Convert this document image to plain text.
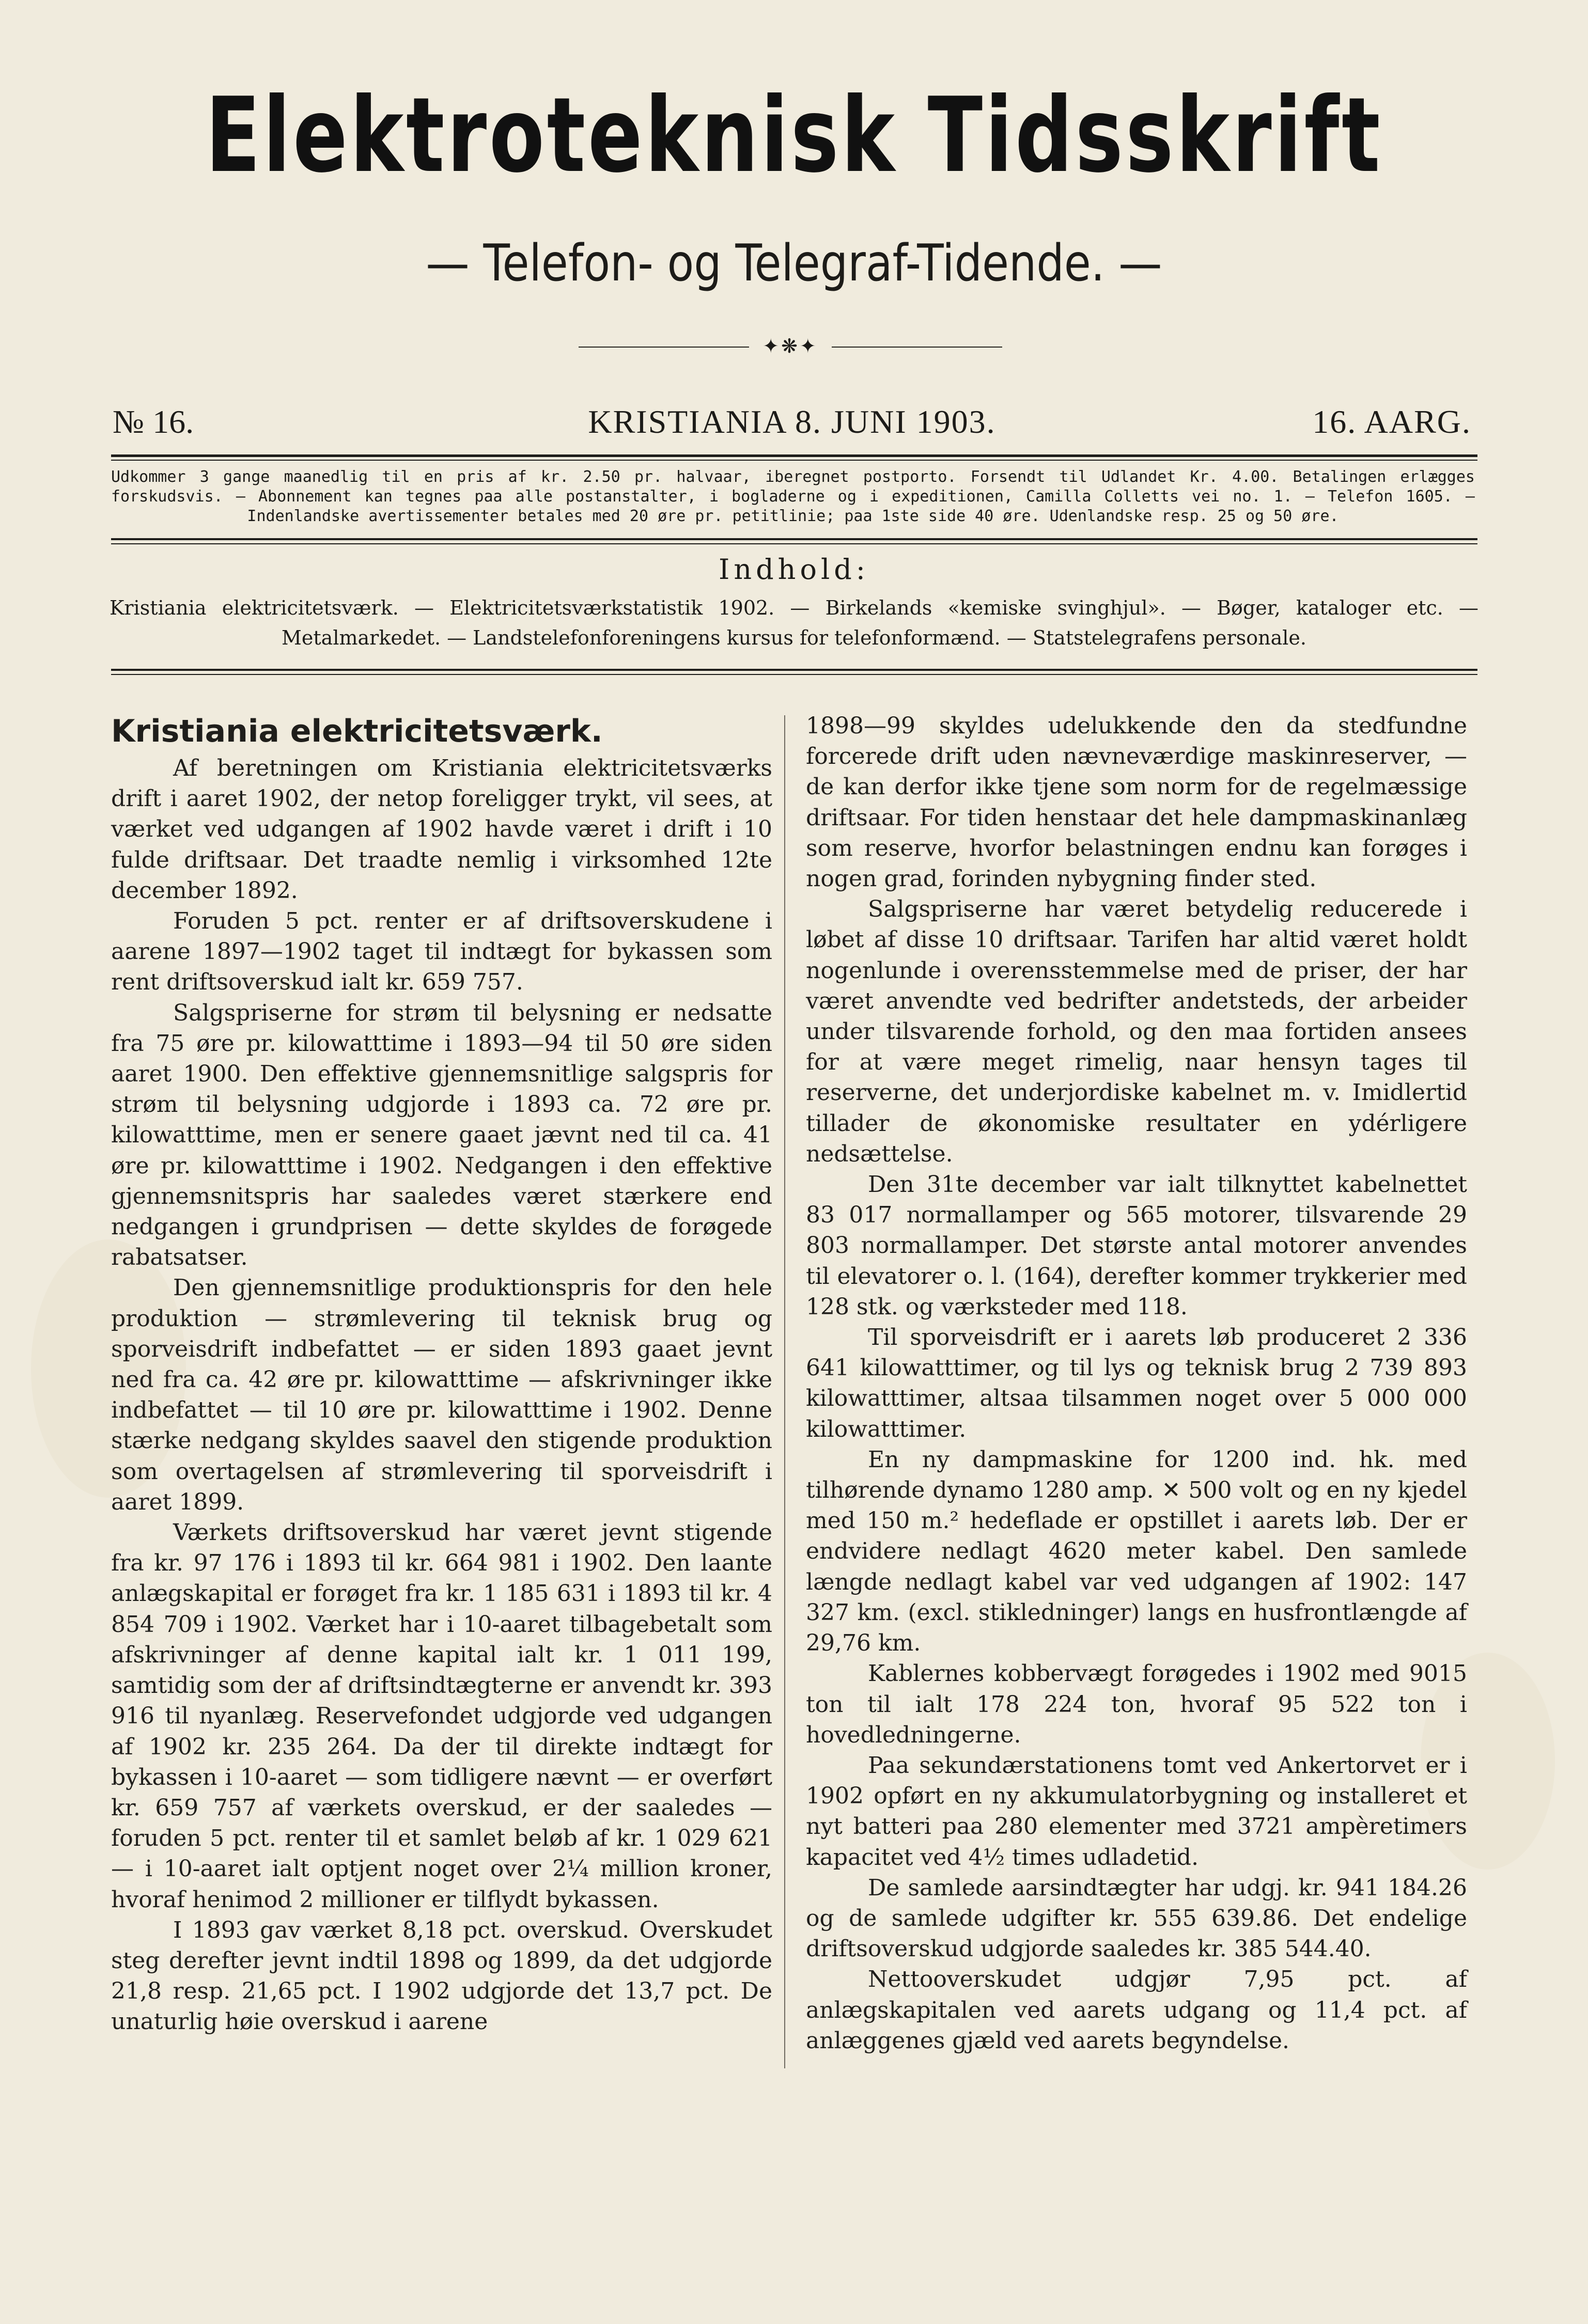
Elektroteknisk Tidsskrift
— Telefon- og Telegraf-Tidende. —
✦❋✦
KRISTIANIA 8. JUNI 1903.
№ 16.	16. AARG.

Udkommer 3 gange maanedlig til en pris af kr. 2.50 pr. halvaar, iberegnet postporto. Forsendt til Udlandet Kr. 4.00. Betalingen erlægges

forskudsvis. — Abonnement kan tegnes paa alle postanstalter, i bogladerne og i expeditionen, Camilla Colletts vei no. 1. — Telefon 1605. —

Indenlandske avertissementer betales med 20 øre pr. petitlinie; paa 1ste side 40 øre. Udenlandske resp. 25 og 50 øre.

Indhold:

Kristiania elektricitetsværk. — Elektricitetsværkstatistik 1902. — Birkelands «kemiske svinghjul». — Bøger, kataloger etc. —

Metalmarkedet. — Landstelefonforeningens kursus for telefonformænd. — Statstelegrafens personale.

Kristiania elektricitetsværk.

Af beretningen om Kristiania elektricitetsværks drift i aaret 1902, der netop foreligger trykt, vil sees, at værket ved udgangen af 1902 havde været i drift i 10 fulde driftsaar. Det traadte nemlig i virksomhed 12te december 1892.

Foruden 5 pct. renter er af driftsoverskudene i aarene 1897—1902 taget til indtægt for bykassen som rent driftsoverskud ialt kr. 659 757.

Salgspriserne for strøm til belysning er nedsatte fra 75 øre pr. kilowatttime i 1893—94 til 50 øre siden aaret 1900. Den effektive gjennemsnitlige salgspris for strøm til belysning udgjorde i 1893 ca. 72 øre pr. kilowatttime, men er senere gaaet jævnt ned til ca. 41 øre pr. kilowatttime i 1902. Nedgangen i den effektive gjennemsnitspris har saaledes været stærkere end nedgangen i grundprisen — dette skyldes de forøgede rabatsatser.

Den gjennemsnitlige produktionspris for den hele produktion — strømlevering til teknisk brug og sporveisdrift indbefattet — er siden 1893 gaaet jevnt ned fra ca. 42 øre pr. kilowatttime — afskrivninger ikke indbefattet — til 10 øre pr. kilowatttime i 1902. Denne stærke nedgang skyldes saavel den stigende produktion som overtagelsen af strømlevering til sporveisdrift i aaret 1899.

Værkets driftsoverskud har været jevnt stigende fra kr. 97 176 i 1893 til kr. 664 981 i 1902. Den laante anlægskapital er forøget fra kr. 1 185 631 i 1893 til kr. 4 854 709 i 1902. Værket har i 10-aaret tilbagebetalt som afskrivninger af denne kapital ialt kr. 1 011 199, samtidig som der af driftsindtægterne er anvendt kr. 393 916 til nyanlæg. Reservefondet udgjorde ved udgangen af 1902 kr. 235 264. Da der til direkte indtægt for bykassen i 10-aaret — som tidligere nævnt — er overført kr. 659 757 af værkets overskud, er der saaledes — foruden 5 pct. renter til et samlet beløb af kr. 1 029 621 — i 10-aaret ialt optjent noget over 2¼ million kroner, hvoraf henimod 2 millioner er tilflydt bykassen.

I 1893 gav værket 8,18 pct. overskud. Overskudet steg derefter jevnt indtil 1898 og 1899, da det udgjorde 21,8 resp. 21,65 pct. I 1902 udgjorde det 13,7 pct. De unaturlig høie overskud i aarene

1898—99 skyldes udelukkende den da stedfundne forcerede drift uden nævneværdige maskinreserver, — de kan derfor ikke tjene som norm for de regelmæssige driftsaar. For tiden henstaar det hele dampmaskinanlæg som reserve, hvorfor belastningen endnu kan forøges i nogen grad, forinden nybygning finder sted.

Salgspriserne har været betydelig reducerede i løbet af disse 10 driftsaar. Tarifen har altid været holdt nogenlunde i overensstemmelse med de priser, der har været anvendte ved bedrifter andetsteds, der arbeider under tilsvarende forhold, og den maa fortiden ansees for at være meget rimelig, naar hensyn tages til reserverne, det underjordiske kabelnet m. v. Imidlertid tillader de økonomiske resultater en ydérligere nedsættelse.

Den 31te december var ialt tilknyttet kabelnettet 83 017 normallamper og 565 motorer, tilsvarende 29 803 normallamper. Det største antal motorer anvendes til elevatorer o. l. (164), derefter kommer trykkerier med 128 stk. og værksteder med 118.

Til sporveisdrift er i aarets løb produceret 2 336 641 kilowatttimer, og til lys og teknisk brug 2 739 893 kilowatttimer, altsaa tilsammen noget over 5 000 000 kilowatttimer.

En ny dampmaskine for 1200 ind. hk. med tilhørende dynamo 1280 amp. ✕ 500 volt og en ny kjedel med 150 m.² hedeflade er opstillet i aarets løb. Der er endvidere nedlagt 4620 meter kabel. Den samlede længde nedlagt kabel var ved udgangen af 1902: 147 327 km. (excl. stikledninger) langs en husfrontlængde af 29,76 km.

Kablernes kobbervægt forøgedes i 1902 med 9015 ton til ialt 178 224 ton, hvoraf 95 522 ton i hovedledningerne.

Paa sekundærstationens tomt ved Ankertorvet er i 1902 opført en ny akkumulatorbygning og installeret et nyt batteri paa 280 elementer med 3721 ampèretimers kapacitet ved 4½ times udladetid.

De samlede aarsindtægter har udgj. kr. 941 184.26 og de samlede udgifter kr. 555 639.86. Det endelige driftsoverskud udgjorde saaledes kr. 385 544.40.

Nettooverskudet udgjør 7,95 pct. af anlægskapitalen ved aarets udgang og 11,4 pct. af anlæggenes gjæld ved aarets begyndelse.
